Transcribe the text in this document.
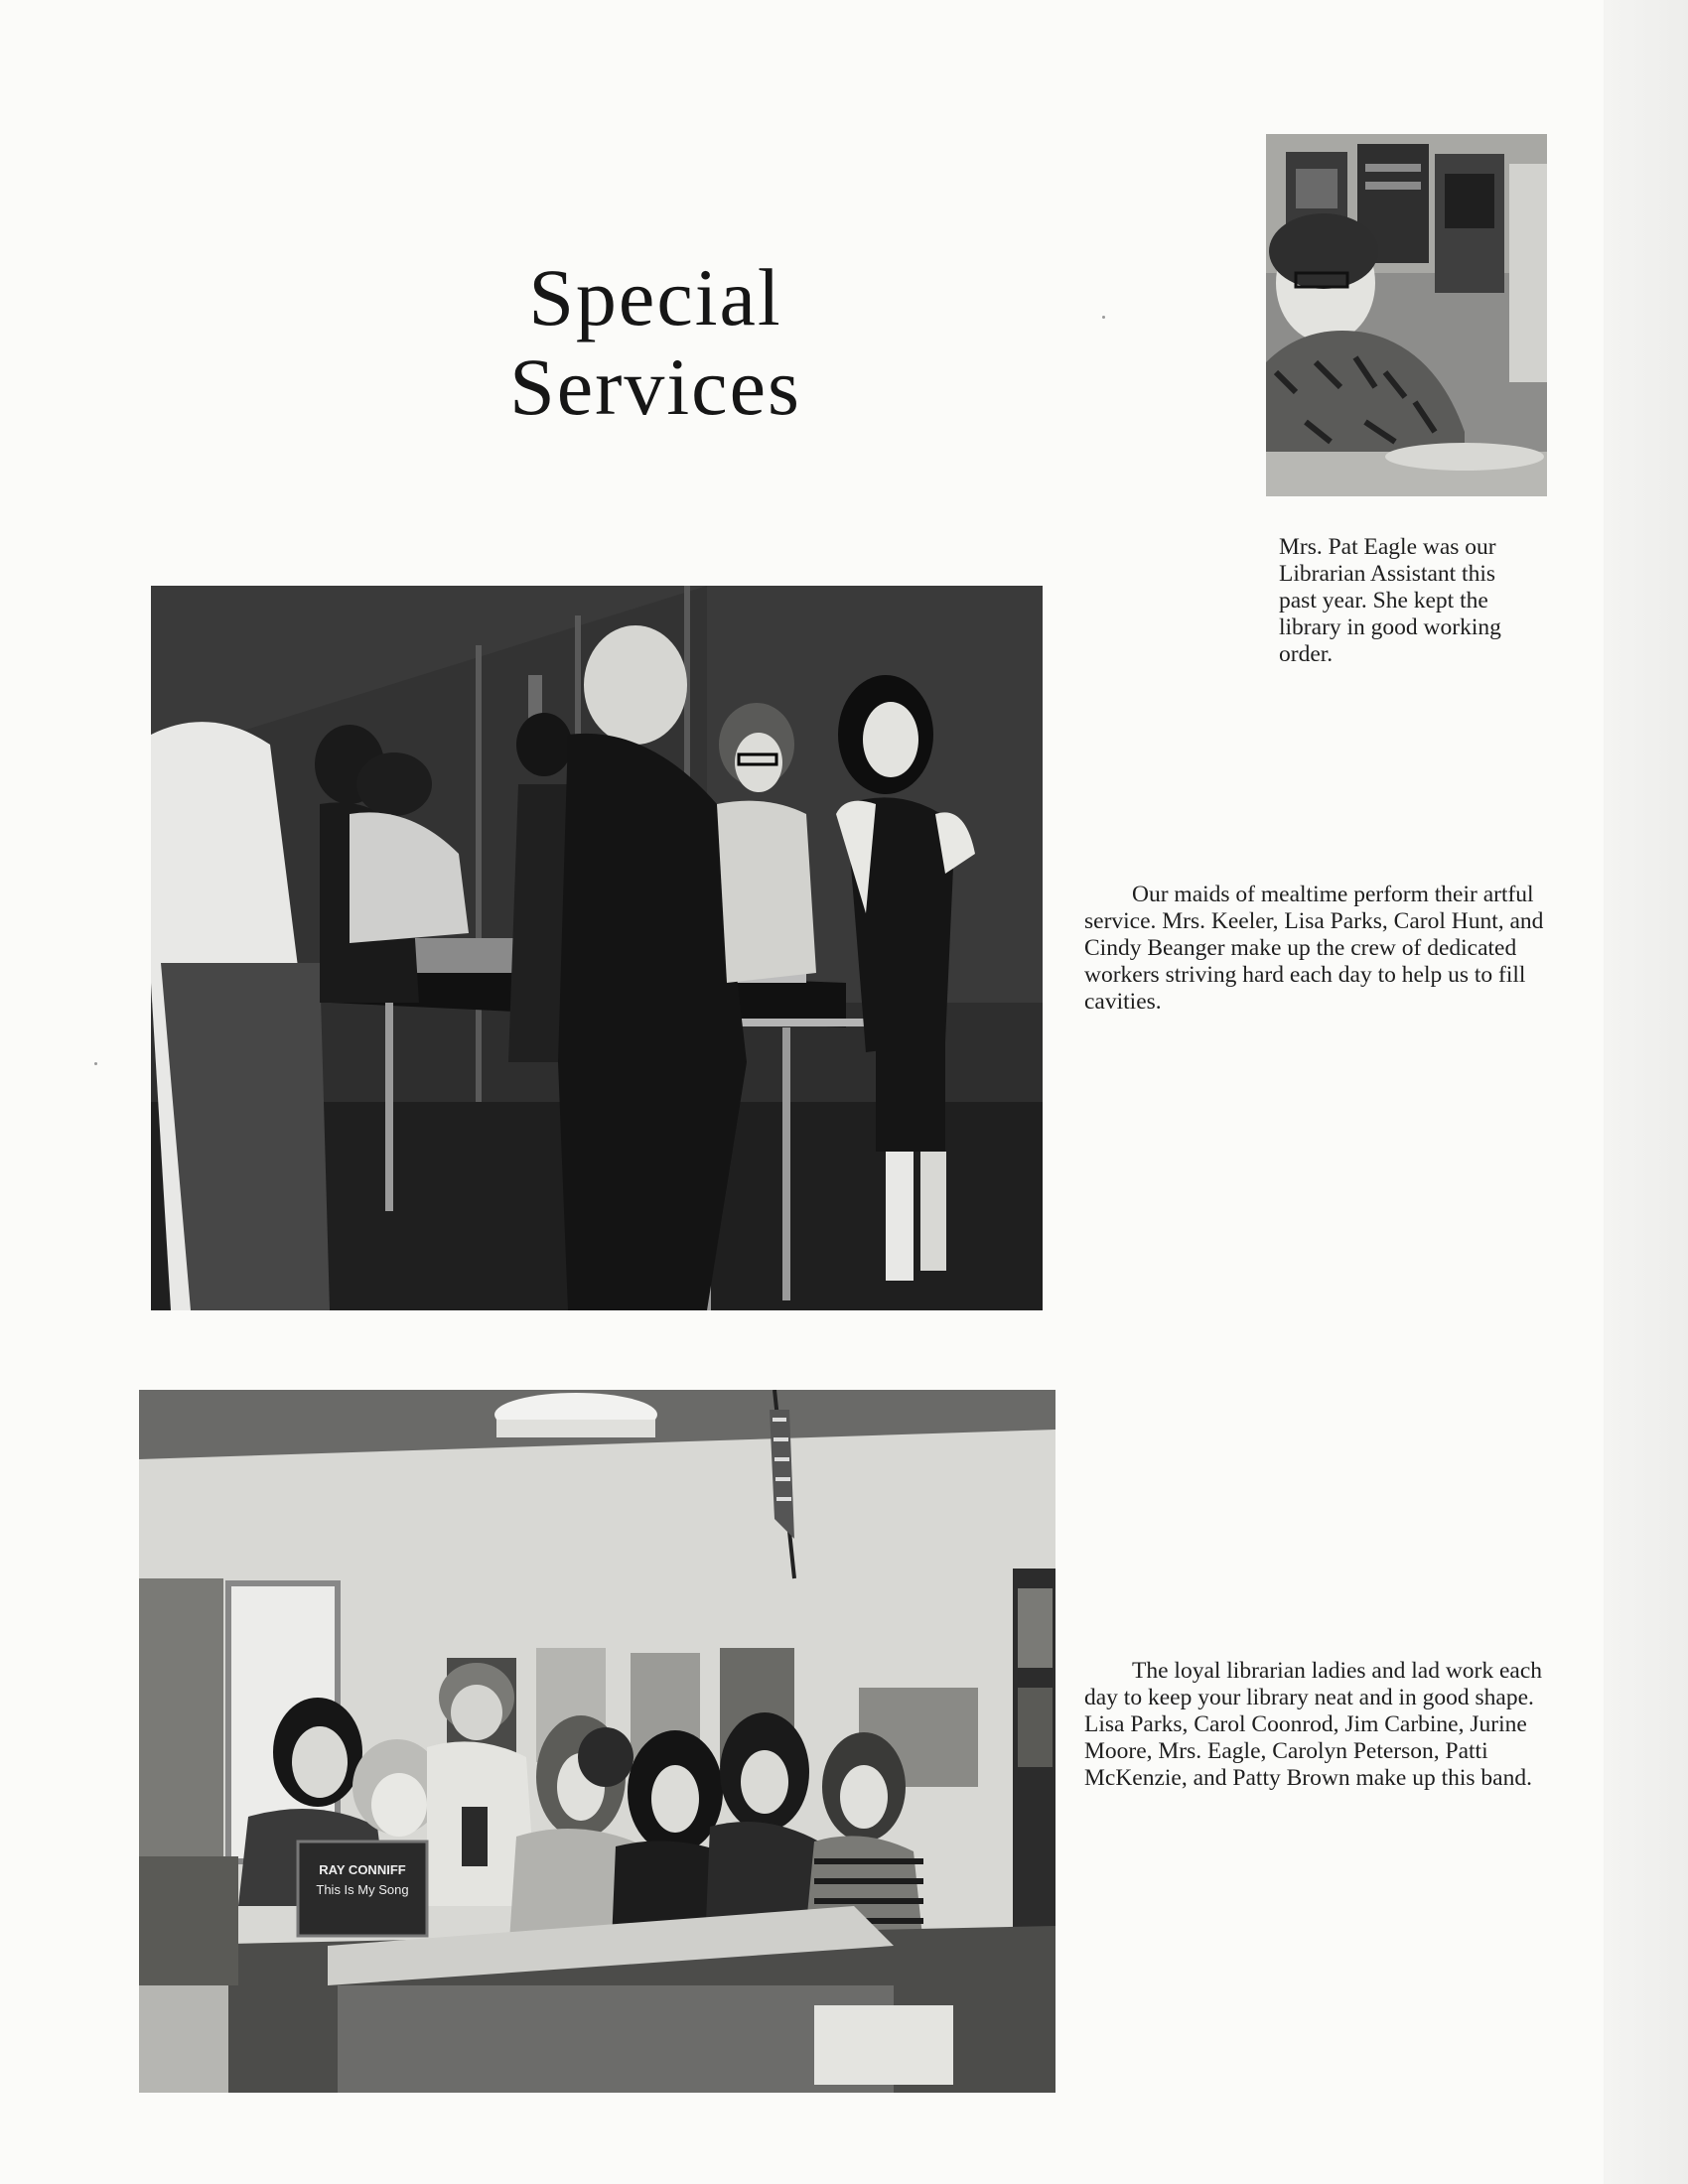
Special
Services

Mrs. Pat Eagle was our Librarian Assistant this past year. She kept the library in good working order.

Our maids of mealtime perform their artful service. Mrs. Keeler, Lisa Parks, Carol Hunt, and Cindy Beanger make up the crew of dedicated workers striving hard each day to help us to fill cavities.

RAY CONNIFF
This Is My Song

The loyal librarian ladies and lad work each day to keep your library neat and in good shape. Lisa Parks, Carol Coonrod, Jim Carbine, Jurine Moore, Mrs. Eagle, Carolyn Peterson, Patti McKenzie, and Patty Brown make up this band.
